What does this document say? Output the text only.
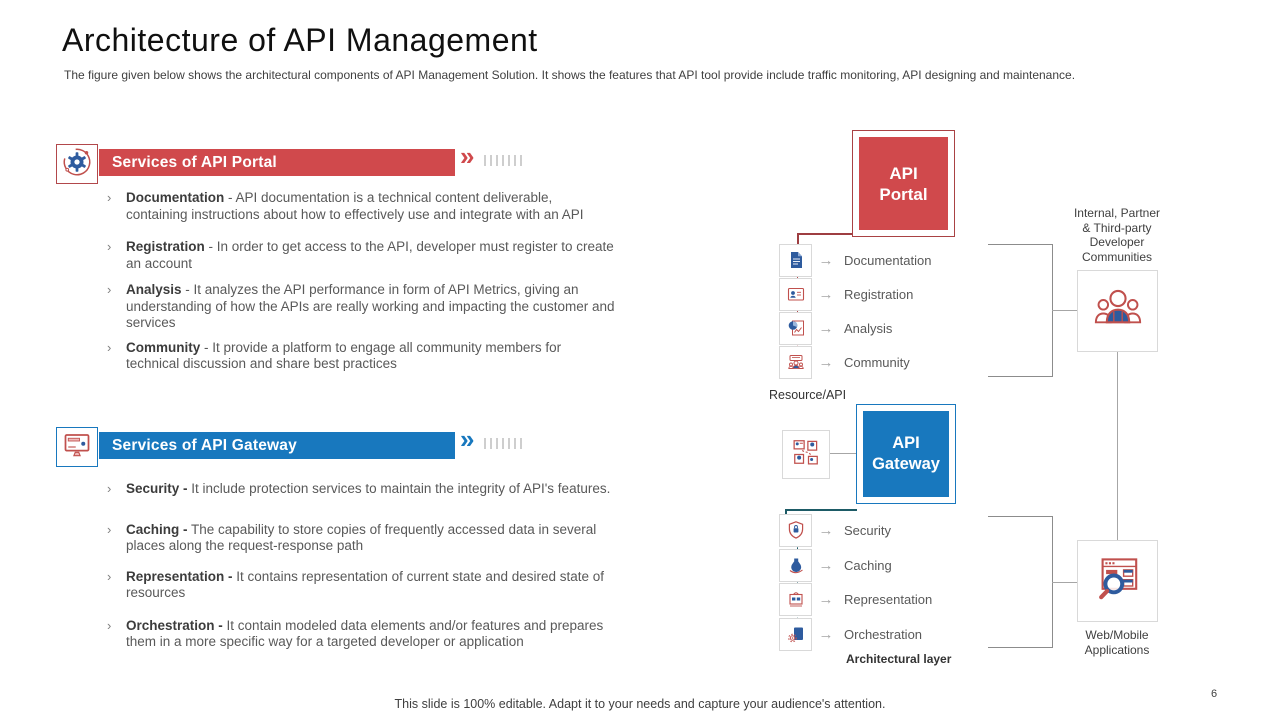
Architecture of API Management
The figure given below shows the architectural components of API Management Solution. It shows the features that API tool provide include traffic monitoring, API designing and maintenance.
Services of API Portal	»
› Documentation - API documentation is a technical content deliverable, containing instructions about how to effectively use and integrate with an API
› Registration - In order to get access to the API, developer must register to create an account
› Analysis - It analyzes the API performance in form of API Metrics, giving an understanding of how the APIs are really working and impacting the customer and services
› Community - It provide a platform to engage all community members for technical discussion and share best practices
Services of API Gateway	»
› Security - It include protection services to maintain the integrity of API's features.
› Caching - The capability to store copies of frequently accessed data in several places along the request-response path
› Representation - It contains representation of current state and desired state of resources
› Orchestration - It contain modeled data elements and/or features and prepares them in a more specific way for a targeted developer or application
API
Portal
→ Documentation
→ Registration
→ Analysis
→ Community
Resource/API
API
Gateway
→ Security
→ Caching
→ Representation
→ Orchestration
Architectural layer
Internal, Partner
& Third-party
Developer
Communities
Web/Mobile
Applications
This slide is 100% editable. Adapt it to your needs and capture your audience's attention.
6
